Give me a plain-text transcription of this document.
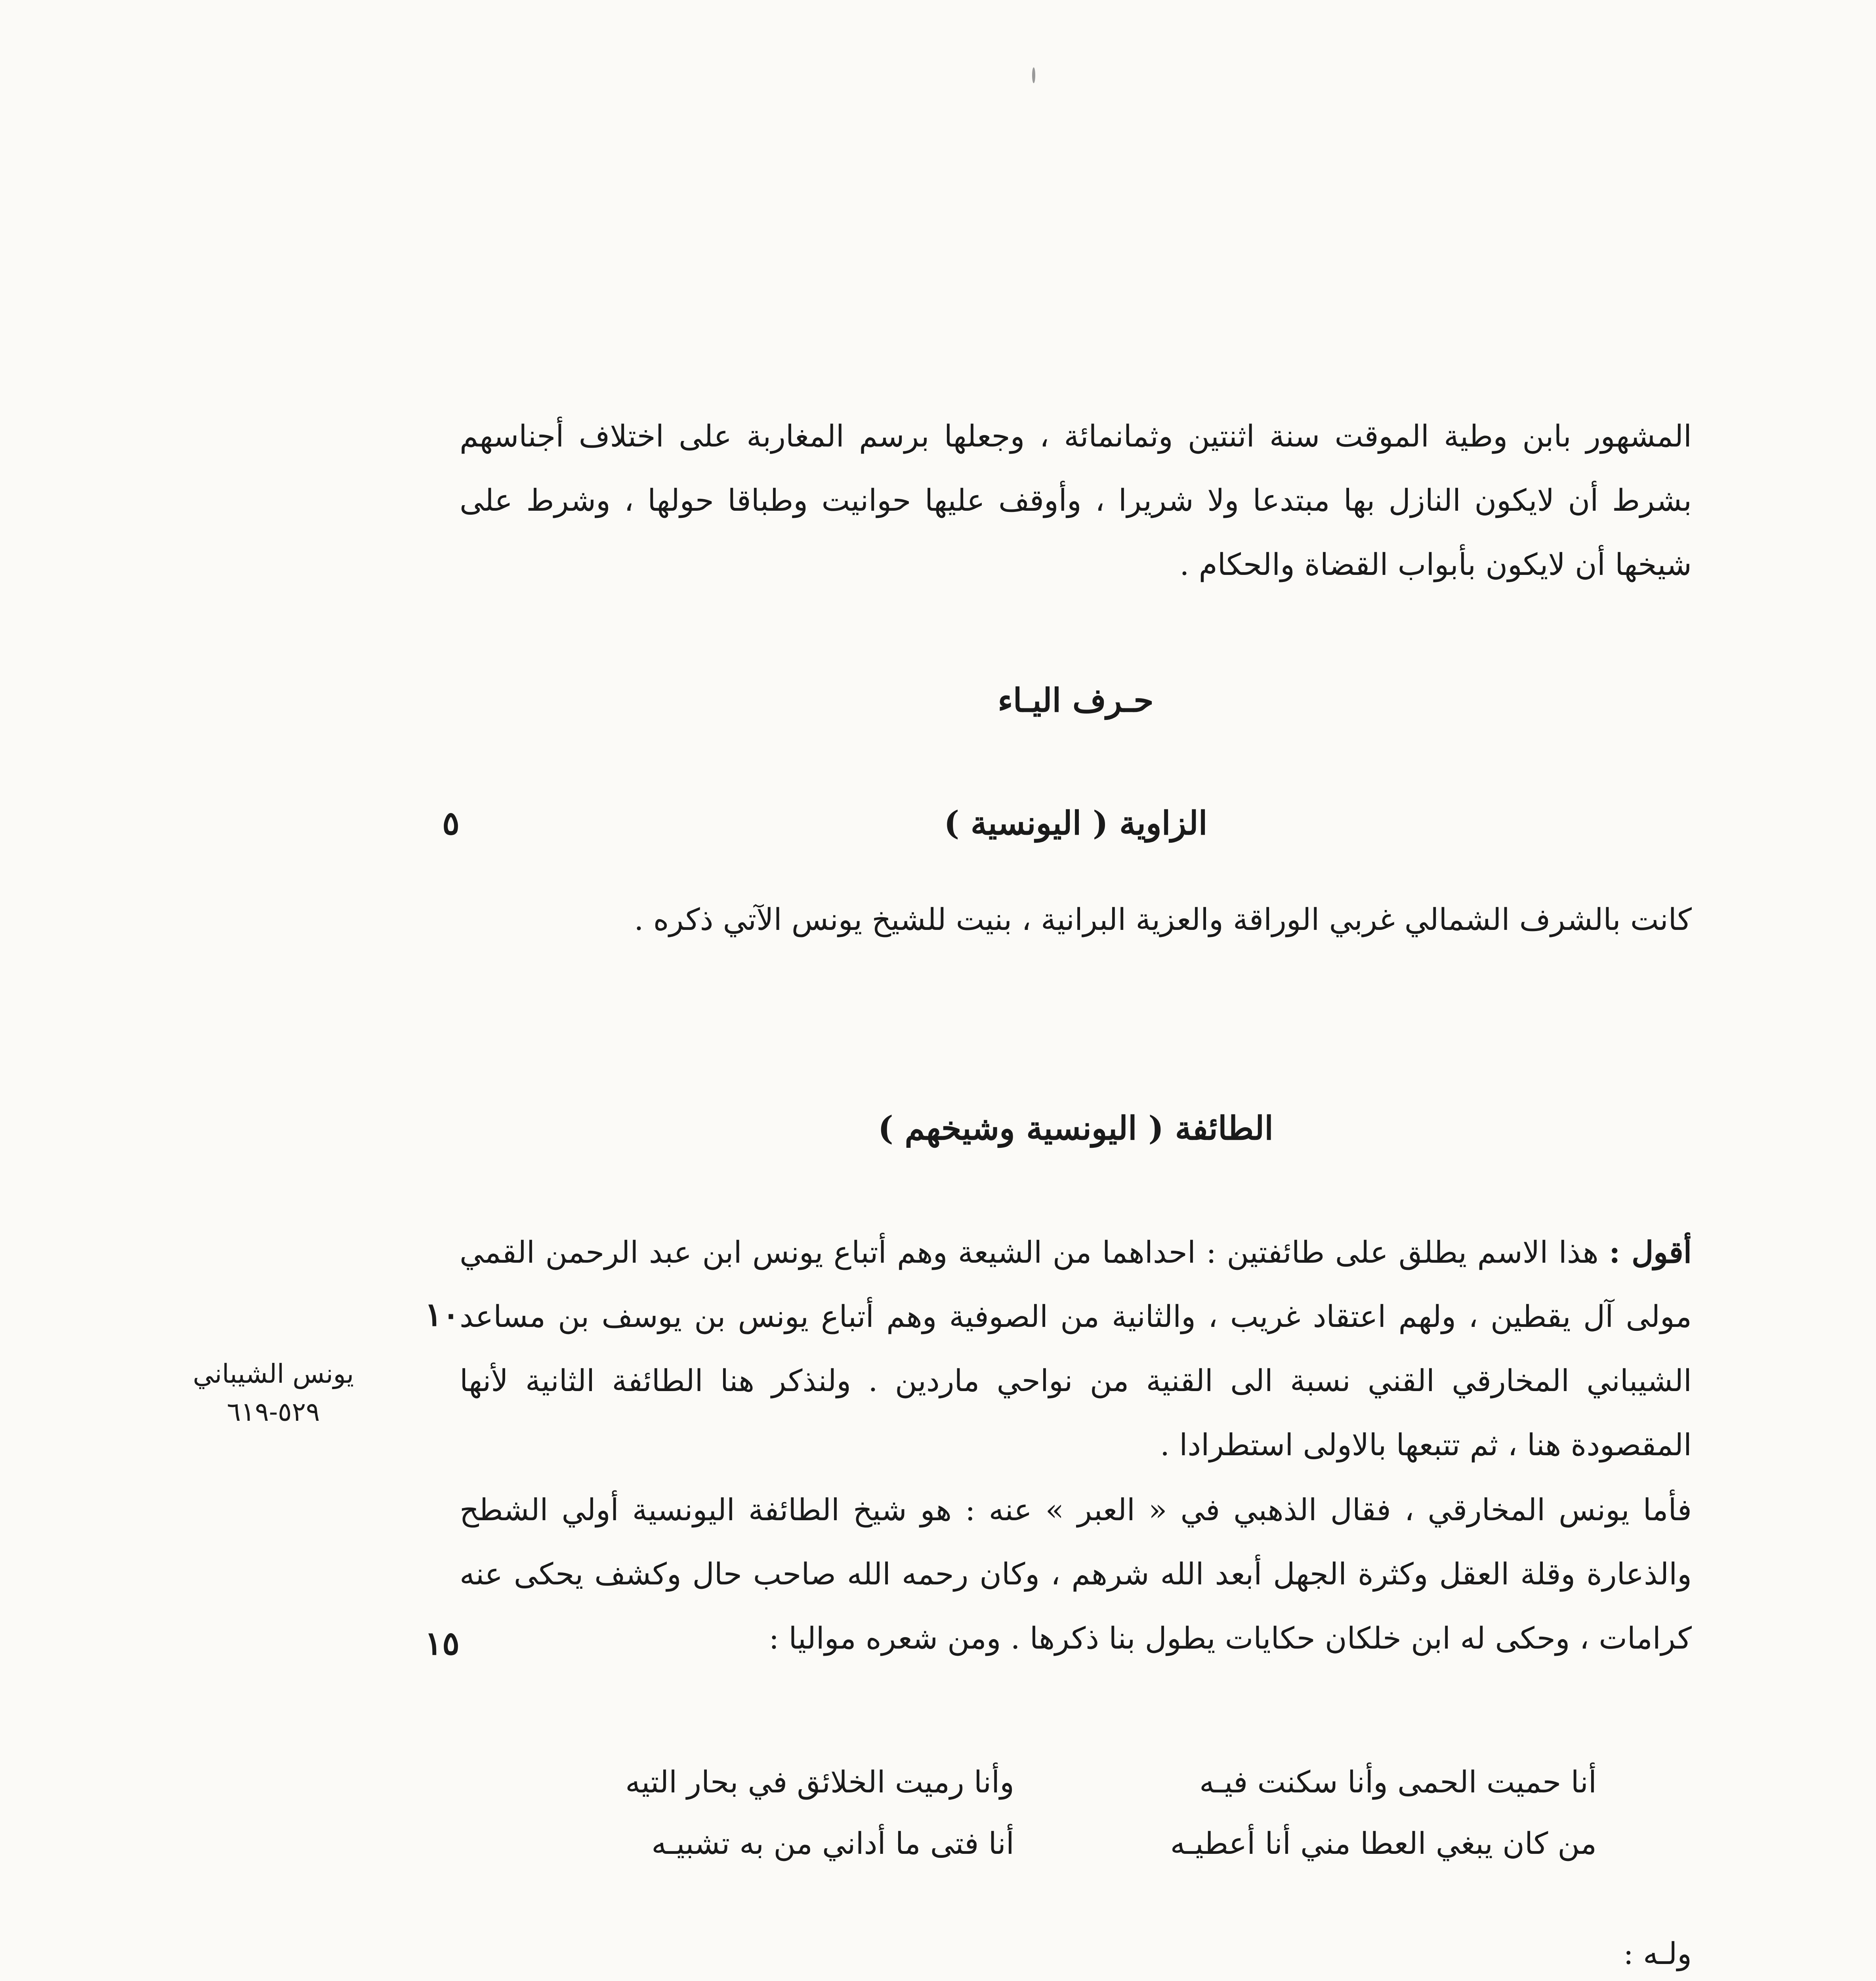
المشهور بابن وطية الموقت سنة اثنتين وثمانمائة ، وجعلها برسم المغاربة على اختلاف أجناسهم بشرط أن لايكون النازل بها مبتدعا ولا شريرا ، وأوقف عليها حوانيت وطباقا حولها ، وشرط على شيخها أن لايكون بأبواب القضاة والحكام .

حـرف اليـاء
الزاوية ( اليونسية )
٥

كانت بالشرف الشمالي غربي الوراقة والعزية البرانية ، بنيت للشيخ يونس الآتي ذكره .

الطائفة ( اليونسية وشيخهم )

أقول : هذا الاسم يطلق على طائفتين : احداهما من الشيعة وهم أتباع يونس ابن عبد الرحمن القمي مولى آل يقطين ، ولهم اعتقاد غريب ، والثانية من الصوفية وهم أتباع يونس بن يوسف بن مساعد الشيباني المخارقي القني نسبة الى القنية من نواحي ماردين . ولنذكر هنا الطائفة الثانية لأنها المقصودة هنا ، ثم تتبعها بالاولى استطرادا .

١٠
يونس الشيباني
٥٢٩-٦١٩

فأما يونس المخارقي ، فقال الذهبي في « العبر » عنه : هو شيخ الطائفة اليونسية أولي الشطح والذعارة وقلة العقل وكثرة الجهل أبعد الله شرهم ، وكان رحمه الله صاحب حال وكشف يحكى عنه كرامات ، وحكى له ابن خلكان حكايات يطول بنا ذكرها . ومن شعره مواليا :

١٥
أنا حميت الحمى وأنا سكنت فيـه
وأنا رميت الخلائق في بحار التيه
من كان يبغي العطا مني أنا أعطيـه
أنا فتى ما أداني من به تشبيـه

ولـه :
